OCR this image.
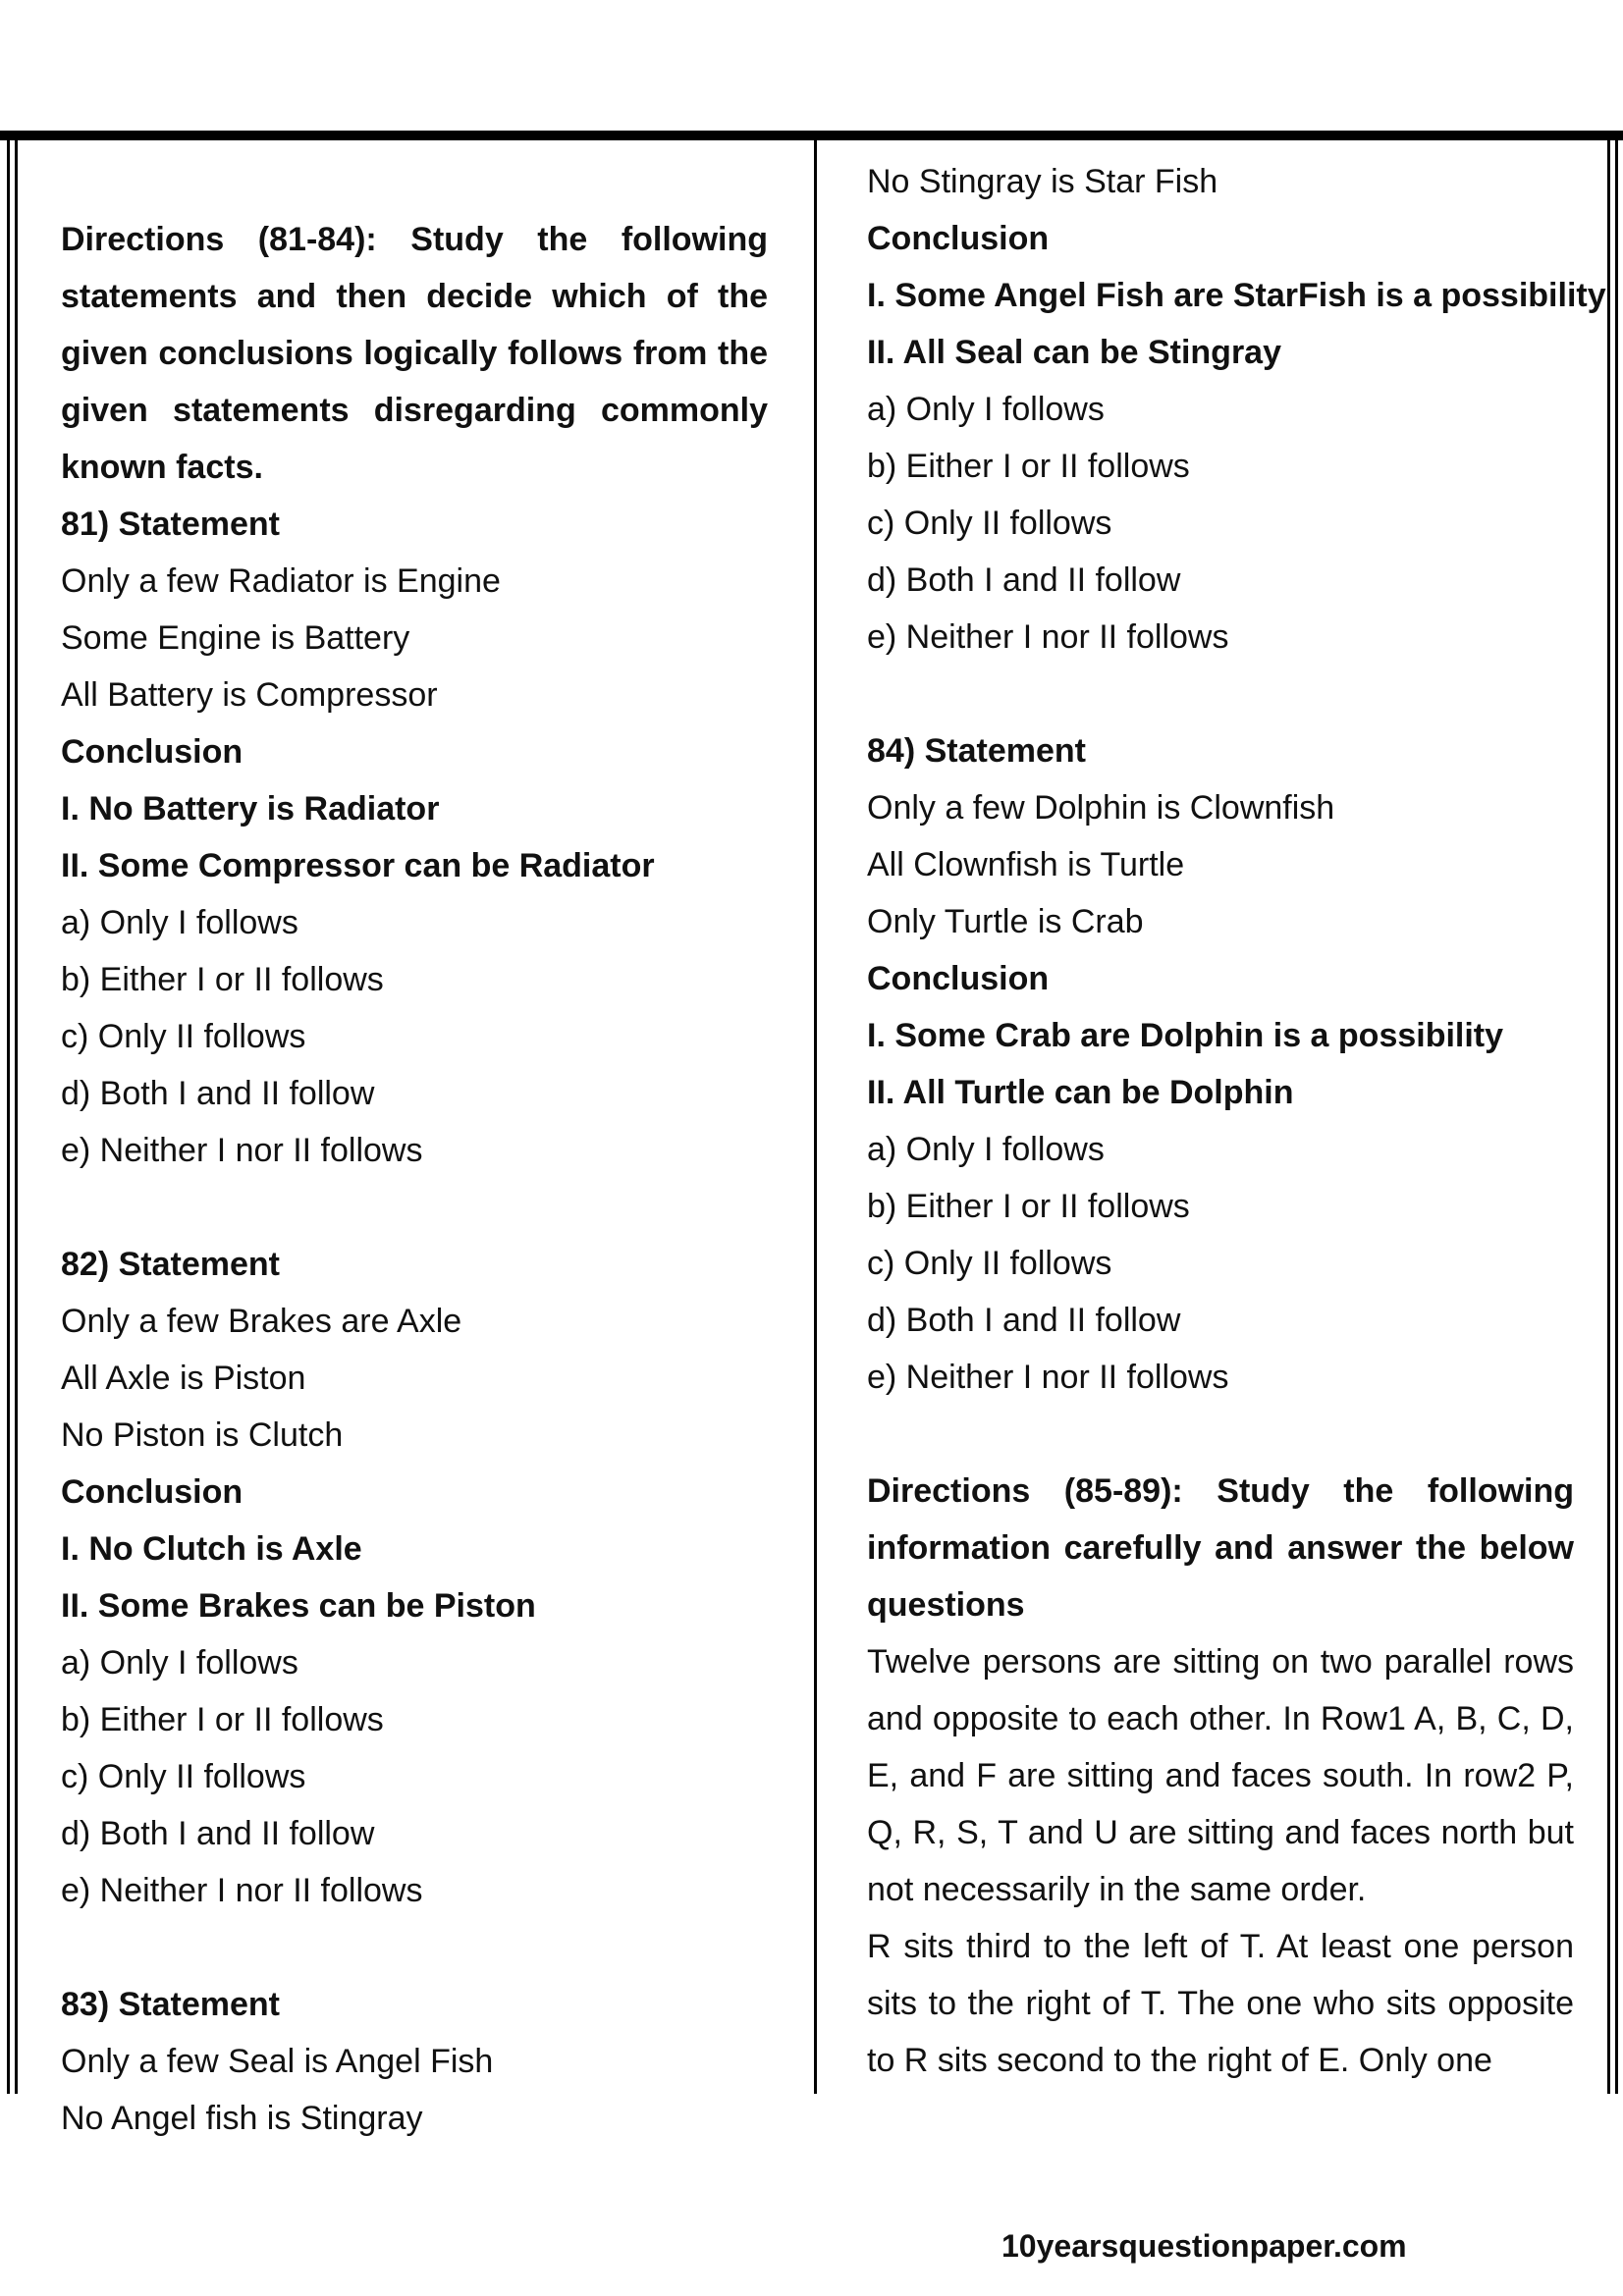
Directions (81-84): Study the following statements and then decide which of the given conclusions logically follows from the given statements disregarding commonly known facts.
81) Statement
Only a few Radiator is Engine
Some Engine is Battery
All Battery is Compressor
Conclusion
I. No Battery is Radiator
II. Some Compressor can be Radiator
a) Only I follows
b) Either I or II follows
c) Only II follows
d) Both I and II follow
e) Neither I nor II follows
82) Statement
Only a few Brakes are Axle
All Axle is Piston
No Piston is Clutch
Conclusion
I. No Clutch is Axle
II. Some Brakes can be Piston
a) Only I follows
b) Either I or II follows
c) Only II follows
d) Both I and II follow
e) Neither I nor II follows
83) Statement
Only a few Seal is Angel Fish
No Angel fish is Stingray
No Stingray is Star Fish
Conclusion
I. Some Angel Fish are StarFish is a possibility
II. All Seal can be Stingray
a) Only I follows
b) Either I or II follows
c) Only II follows
d) Both I and II follow
e) Neither I nor II follows
84) Statement
Only a few Dolphin is Clownfish
All Clownfish is Turtle
Only Turtle is Crab
Conclusion
I. Some Crab are Dolphin is a possibility
II. All Turtle can be Dolphin
a) Only I follows
b) Either I or II follows
c) Only II follows
d) Both I and II follow
e) Neither I nor II follows
Directions (85-89): Study the following information carefully and answer the below questions
Twelve persons are sitting on two parallel rows and opposite to each other. In Row1 A, B, C, D, E, and F are sitting and faces south. In row2 P, Q, R, S, T and U are sitting and faces north but not necessarily in the same order.
R sits third to the left of T. At least one person sits to the right of T. The one who sits opposite to R sits second to the right of E. Only one
10yearsquestionpaper.com
